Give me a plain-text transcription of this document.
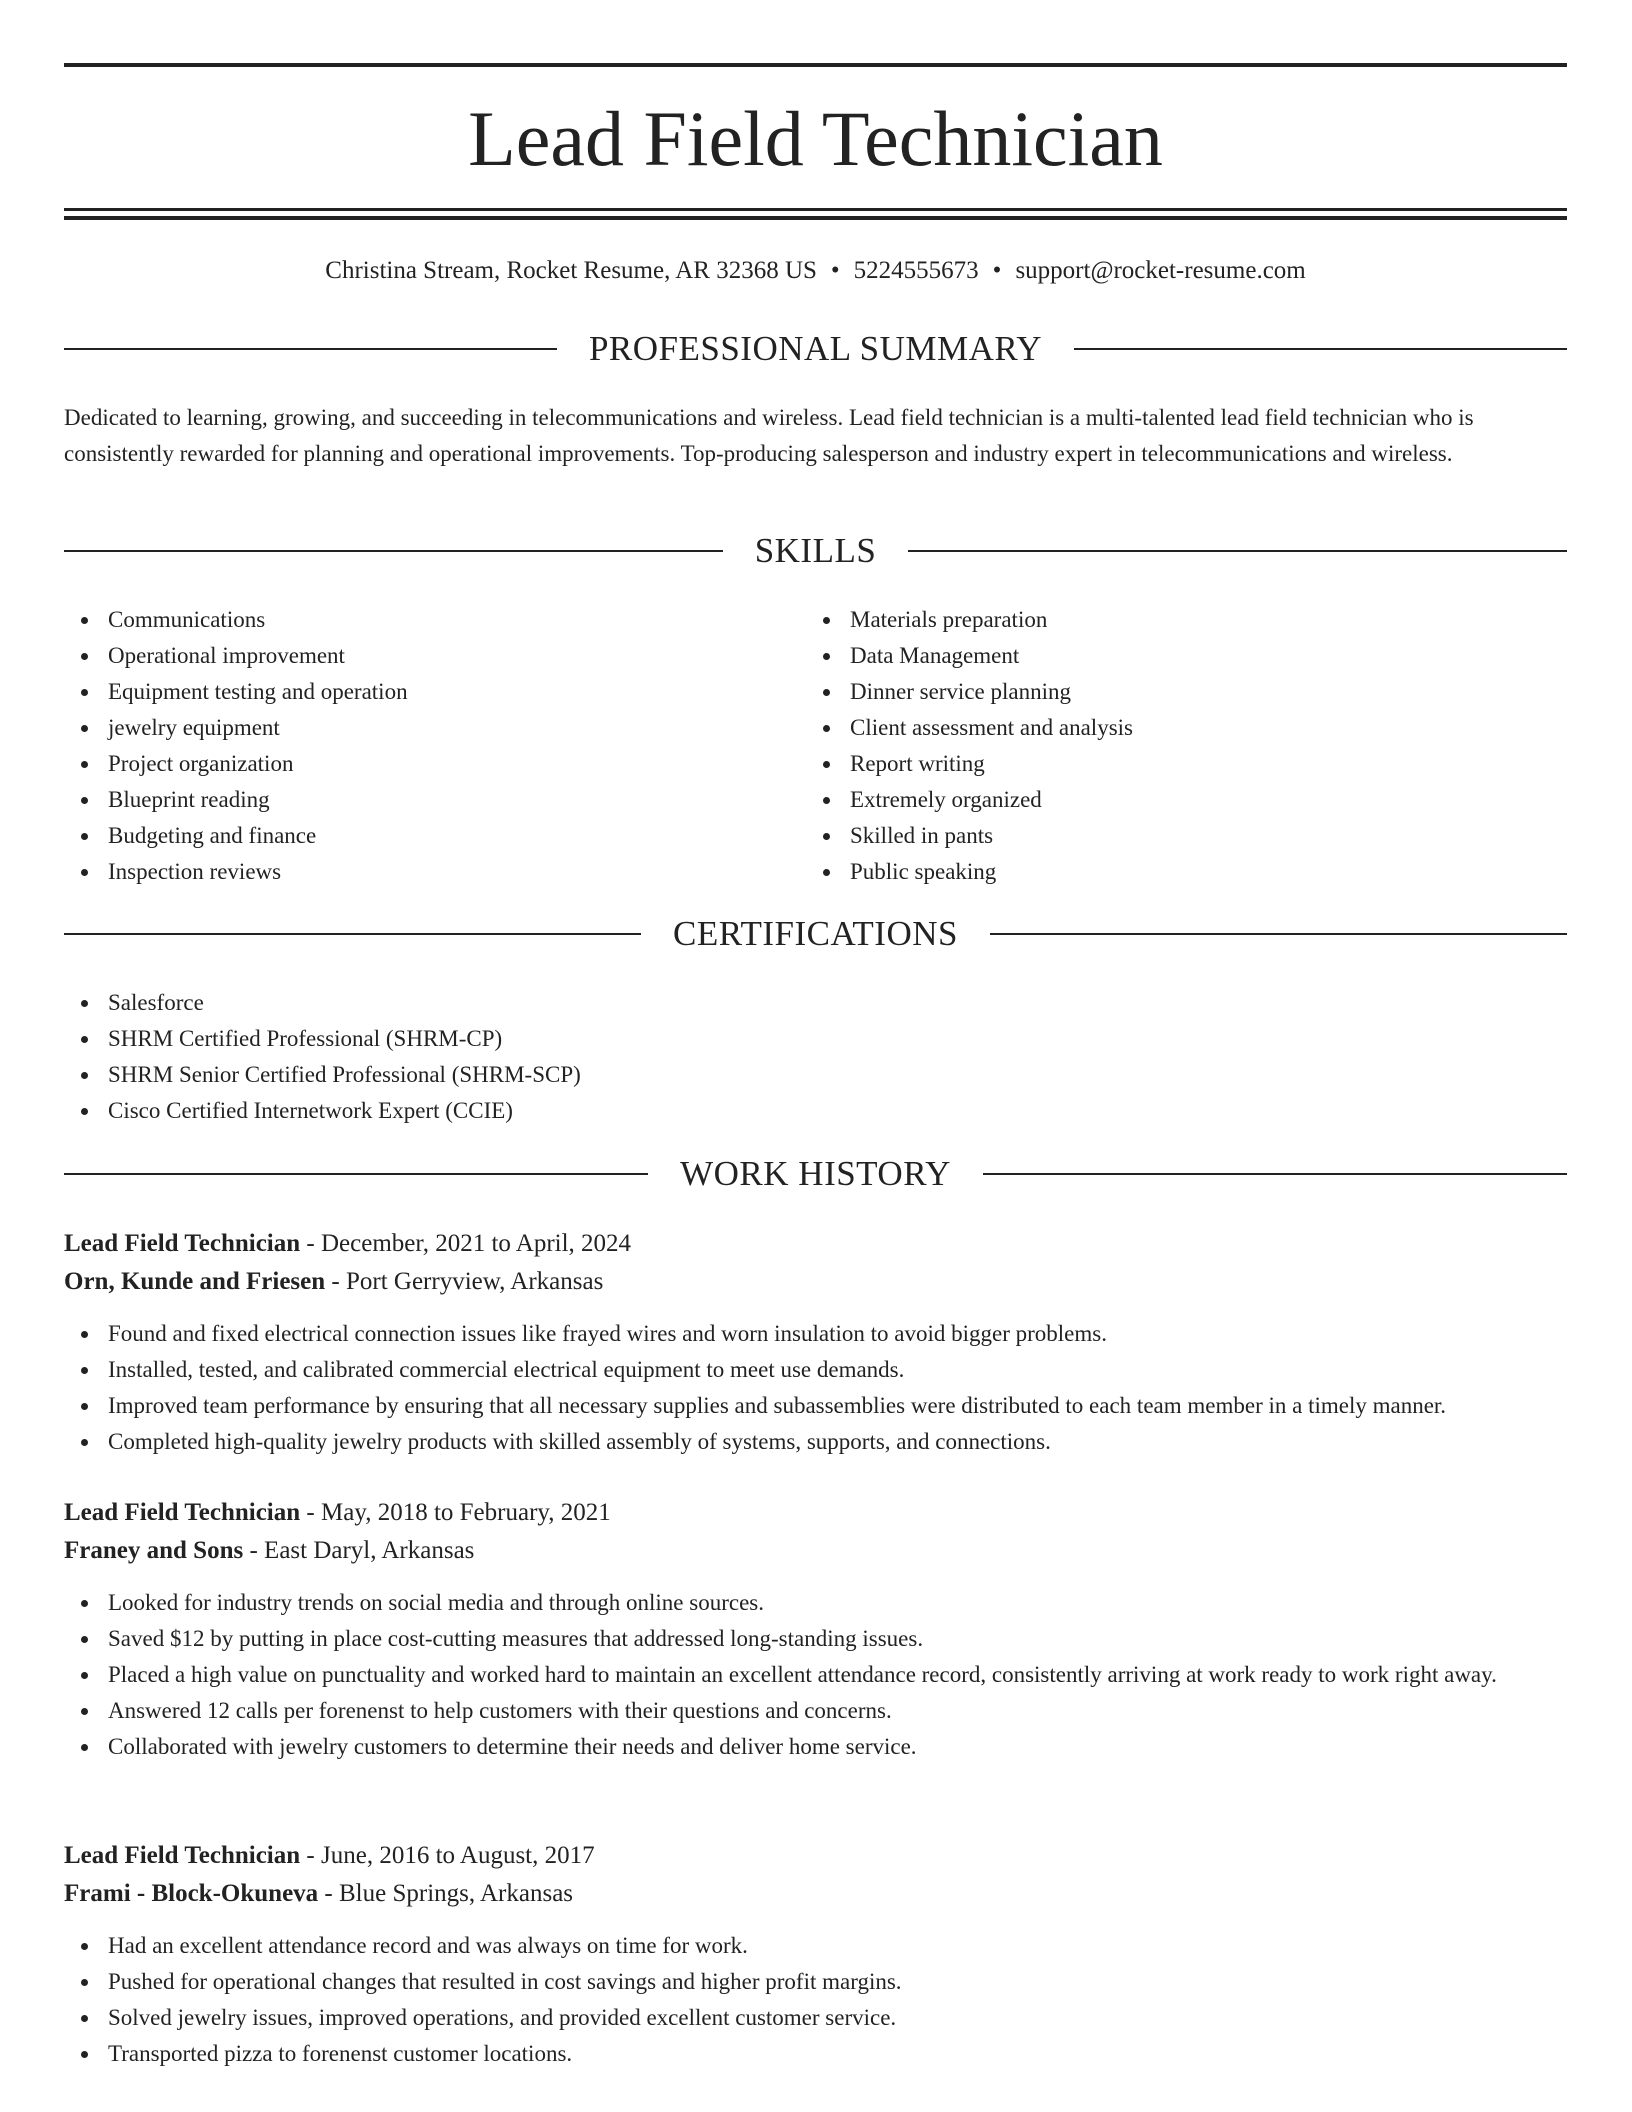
Lead Field Technician
Christina Stream, Rocket Resume, AR 32368 US • 5224555673 • support@rocket-resume.com
PROFESSIONAL SUMMARY

Dedicated to learning, growing, and succeeding in telecommunications and wireless. Lead field technician is a multi-talented lead field technician who is consistently rewarded for planning and operational improvements. Top-producing salesperson and industry expert in telecommunications and wireless.

SKILLS
Communications
Operational improvement
Equipment testing and operation
jewelry equipment
Project organization
Blueprint reading
Budgeting and finance
Inspection reviews
Materials preparation
Data Management
Dinner service planning
Client assessment and analysis
Report writing
Extremely organized
Skilled in pants
Public speaking
CERTIFICATIONS
Salesforce
SHRM Certified Professional (SHRM-CP)
SHRM Senior Certified Professional (SHRM-SCP)
Cisco Certified Internetwork Expert (CCIE)
WORK HISTORY

Lead Field Technician - December, 2021 to April, 2024

Orn, Kunde and Friesen - Port Gerryview, Arkansas

Found and fixed electrical connection issues like frayed wires and worn insulation to avoid bigger problems.
Installed, tested, and calibrated commercial electrical equipment to meet use demands.
Improved team performance by ensuring that all necessary supplies and subassemblies were distributed to each team member in a timely manner.
Completed high-quality jewelry products with skilled assembly of systems, supports, and connections.

Lead Field Technician - May, 2018 to February, 2021

Franey and Sons - East Daryl, Arkansas

Looked for industry trends on social media and through online sources.
Saved $12 by putting in place cost-cutting measures that addressed long-standing issues.
Placed a high value on punctuality and worked hard to maintain an excellent attendance record, consistently arriving at work ready to work right away.
Answered 12 calls per forenenst to help customers with their questions and concerns.
Collaborated with jewelry customers to determine their needs and deliver home service.

Lead Field Technician - June, 2016 to August, 2017

Frami - Block-Okuneva - Blue Springs, Arkansas

Had an excellent attendance record and was always on time for work.
Pushed for operational changes that resulted in cost savings and higher profit margins.
Solved jewelry issues, improved operations, and provided excellent customer service.
Transported pizza to forenenst customer locations.
